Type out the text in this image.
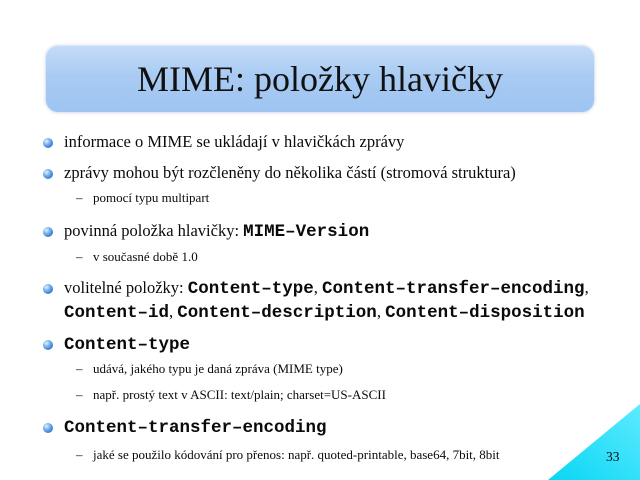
MIME: položky hlavičky
informace o MIME se ukládají v hlavičkách zprávy
zprávy mohou být rozčleněny do několika částí (stromová struktura)
– pomocí typu multipart
povinná položka hlavičky: MIME–Version
– v současné době 1.0
volitelné položky: Content–type, Content–transfer–encoding,
Content–id, Content–description, Content–disposition
Content–type
– udává, jakého typu je daná zpráva (MIME type)
– např. prostý text v ASCII: text/plain; charset=US-ASCII
Content–transfer–encoding
– jaké se použilo kódování pro přenos: např. quoted-printable, base64, 7bit, 8bit	33
